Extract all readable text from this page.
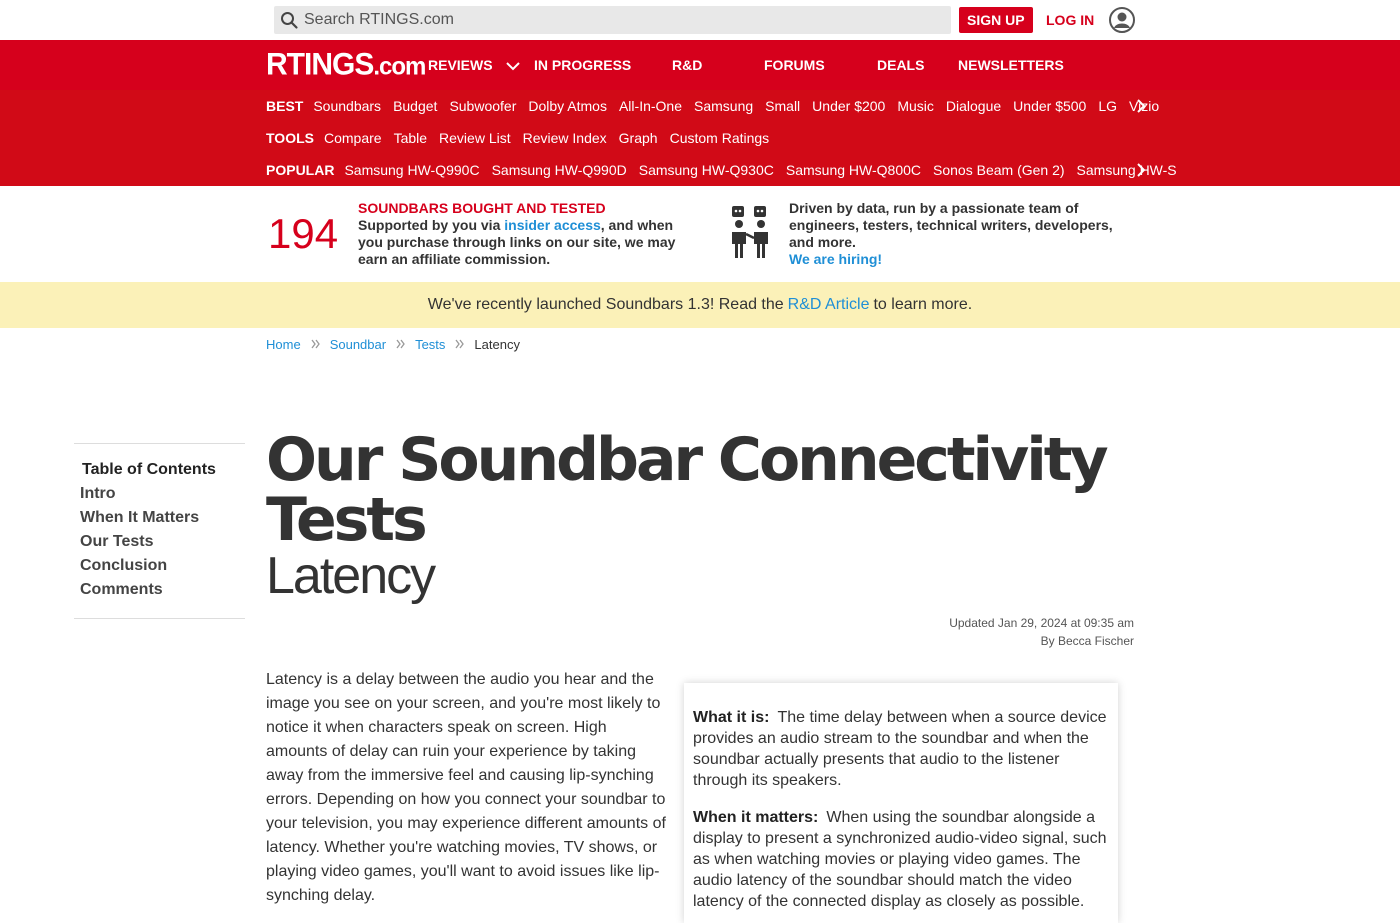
Search RTINGS.com
SIGN UP	LOG IN
RTINGS.com REVIEWS	IN PROGRESS	R&D	FORUMS	DEALS NEWSLETTERS
BEST Soundbars Budget Subwoofer Dolby Atmos All-In-One Samsung Small Under $200 Music Dialogue Under $500 LG Vizio
TOOLS Compare Table Review List Review Index Graph Custom Ratings
POPULAR Samsung HW-Q990C Samsung HW-Q990D Samsung HW-Q930C Samsung HW-Q800C Sonos Beam (Gen 2) Samsung HW-S
194
SOUNDBARS BOUGHT AND TESTED
Supported by you via insider access, and when you purchase through links on our site, we may earn an affiliate commission.
Driven by data, run by a passionate team of engineers, testers, technical writers, developers, and more.
We are hiring!
We've recently launched Soundbars 1.3! Read the R&D Article to learn more.
Home Soundbar Tests Latency
Table of Contents
Intro
When It Matters
Our Tests
Conclusion
Comments
Our Soundbar Connectivity Tests
Latency
Updated Jan 29, 2024 at 09:35 am
By Becca Fischer
Latency is a delay between the audio you hear and the image you see on your screen, and you're most likely to notice it when characters speak on screen. High amounts of delay can ruin your experience by taking away from the immersive feel and causing lip-synching errors. Depending on how you connect your soundbar to your television, you may experience different amounts of latency. Whether you're watching movies, TV shows, or playing video games, you'll want to avoid issues like lip-synching delay.

What it is: The time delay between when a source device provides an audio stream to the soundbar and when the soundbar actually presents that audio to the listener through its speakers.

When it matters: When using the soundbar alongside a display to present a synchronized audio-video signal, such as when watching movies or playing video games. The audio latency of the soundbar should match the video latency of the connected display as closely as possible.
